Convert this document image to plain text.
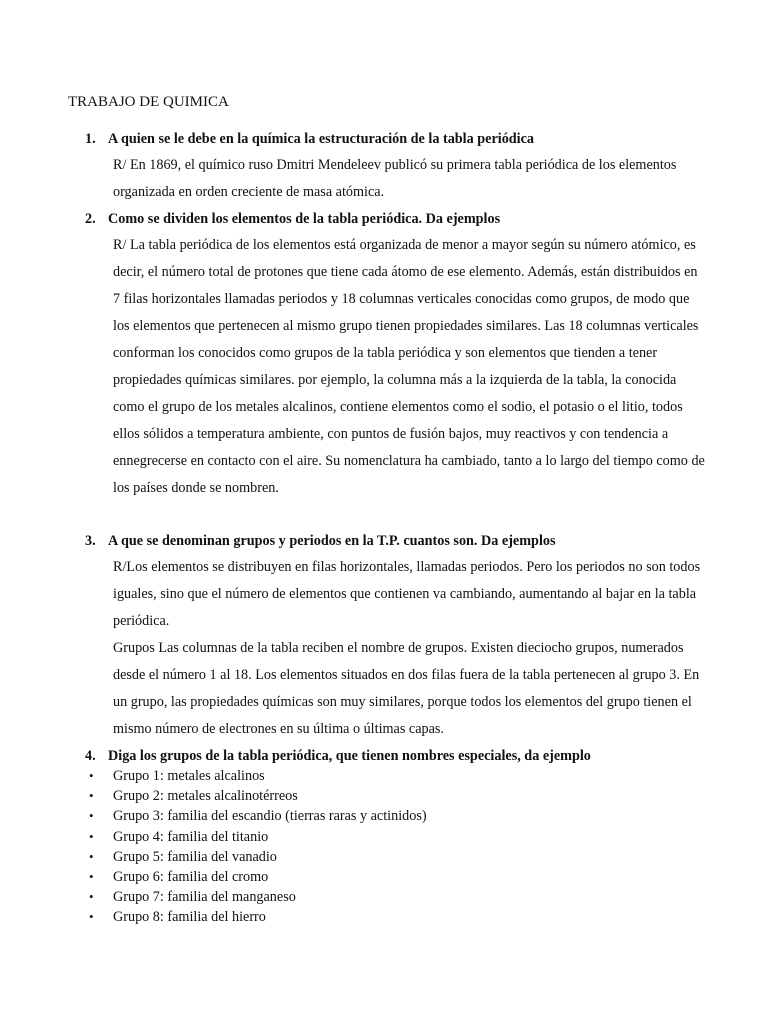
TRABAJO DE QUIMICA
1. A quien se le debe en la química la estructuración de la tabla periódica

R/ En 1869, el químico ruso Dmitri Mendeleev publicó su primera tabla periódica de los elementos organizada en orden creciente de masa atómica.

2. Como se dividen los elementos de la tabla periódica. Da ejemplos

R/ La tabla periódica de los elementos está organizada de menor a mayor según su número atómico, es decir, el número total de protones que tiene cada átomo de ese elemento. Además, están distribuidos en 7 filas horizontales llamadas periodos y 18 columnas verticales conocidas como grupos, de modo que los elementos que pertenecen al mismo grupo tienen propiedades similares. Las 18 columnas verticales conforman los conocidos como grupos de la tabla periódica y son elementos que tienden a tener propiedades químicas similares. por ejemplo, la columna más a la izquierda de la tabla, la conocida como el grupo de los metales alcalinos, contiene elementos como el sodio, el potasio o el litio, todos ellos sólidos a temperatura ambiente, con puntos de fusión bajos, muy reactivos y con tendencia a ennegrecerse en contacto con el aire. Su nomenclatura ha cambiado, tanto a lo largo del tiempo como de los países donde se nombren.

3. A que se denominan grupos y periodos en la T.P. cuantos son. Da ejemplos

R/Los elementos se distribuyen en filas horizontales, llamadas periodos. Pero los periodos no son todos iguales, sino que el número de elementos que contienen va cambiando, aumentando al bajar en la tabla periódica.

Grupos Las columnas de la tabla reciben el nombre de grupos. Existen dieciocho grupos, numerados desde el número 1 al 18. Los elementos situados en dos filas fuera de la tabla pertenecen al grupo 3. En un grupo, las propiedades químicas son muy similares, porque todos los elementos del grupo tienen el mismo número de electrones en su última o últimas capas.

4. Diga los grupos de la tabla periódica, que tienen nombres especiales, da ejemplo
• Grupo 1: metales alcalinos
• Grupo 2: metales alcalinotérreos
• Grupo 3: familia del escandio (tierras raras y actinidos)
• Grupo 4: familia del titanio
• Grupo 5: familia del vanadio
• Grupo 6: familia del cromo
• Grupo 7: familia del manganeso
• Grupo 8: familia del hierro
